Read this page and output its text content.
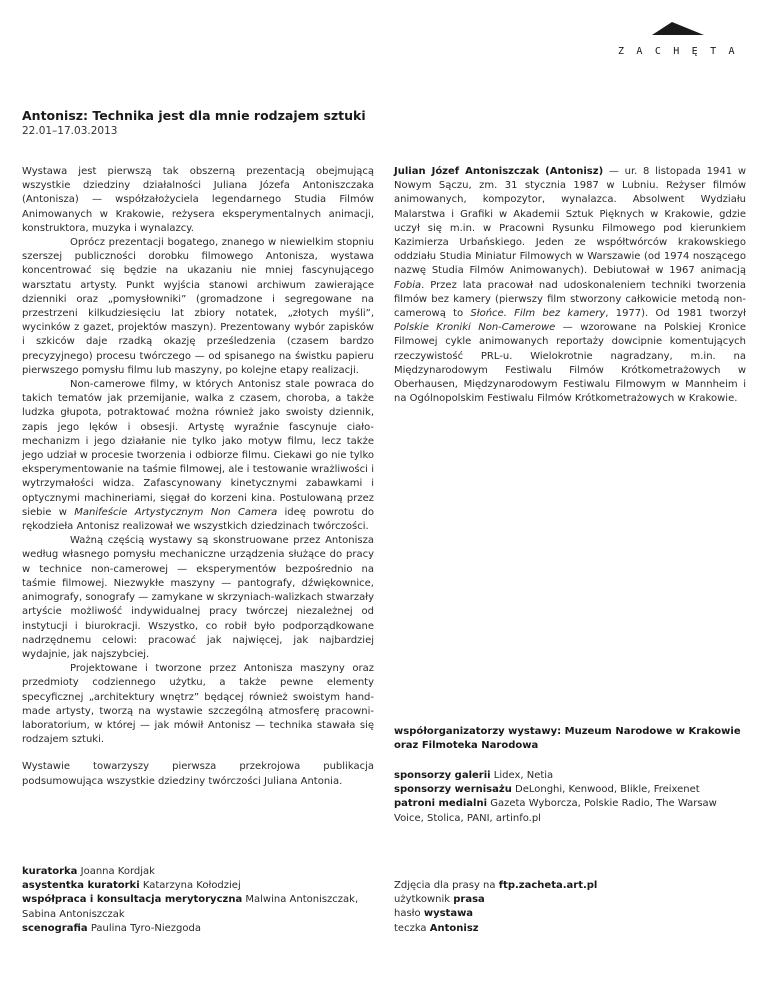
ZACHĘTA
Antonisz: Technika jest dla mnie rodzajem sztuki
22.01–17.03.2013

Wystawa jest pierwszą tak obszerną prezentacją obejmującą wszystkie dziedziny działalności Juliana Józefa Antoniszczaka (Antonisza) — współzałożyciela legendarnego Studia Filmów Animowanych w Krakowie, reżysera eksperymentalnych animacji, konstruktora, muzyka i wynalazcy.

Oprócz prezentacji bogatego, znanego w niewielkim stopniu szerszej publiczności dorobku filmowego Antonisza, wystawa koncentrować się będzie na ukazaniu nie mniej fascynującego warsztatu artysty. Punkt wyjścia stanowi archiwum zawierające dzienniki oraz „pomysłowniki” (gromadzone i segregowane na przestrzeni kilkudziesięciu lat zbiory notatek, „złotych myśli”, wycinków z gazet, projektów maszyn). Prezentowany wybór zapisków i szkiców daje rzadką okazję prześledzenia (czasem bardzo precyzyjnego) procesu twórczego — od spisanego na świstku papieru pierwszego pomysłu filmu lub maszyny, po kolejne etapy realizacji.

Non-camerowe filmy, w których Antonisz stale powraca do takich tematów jak przemijanie, walka z czasem, choroba, a także ludzka głupota, potraktować można również jako swoisty dziennik, zapis jego lęków i obsesji. Artystę wyraźnie fascynuje ciało-mechanizm i jego działanie nie tylko jako motyw filmu, lecz także jego udział w procesie tworzenia i odbiorze filmu. Ciekawi go nie tylko eksperymentowanie na taśmie filmowej, ale i testowanie wrażliwości i wytrzymałości widza. Zafascynowany kinetycznymi zabawkami i optycznymi machineriami, sięgał do korzeni kina. Postulowaną przez siebie w Manifeście Artystycznym Non Camera ideę powrotu do rękodzieła Antonisz realizował we wszystkich dziedzinach twórczości.

Ważną częścią wystawy są skonstruowane przez Antonisza według własnego pomysłu mechaniczne urządzenia służące do pracy w technice non-camerowej — eksperymentów bezpośrednio na taśmie filmowej. Niezwykłe maszyny — pantografy, dźwiękownice, animografy, sonografy — zamykane w skrzyniach-walizkach stwarzały artyście możliwość indywidualnej pracy twórczej niezależnej od instytucji i biurokracji. Wszystko, co robił było podporządkowane nadrzędnemu celowi: pracować jak najwięcej, jak najbardziej wydajnie, jak najszybciej.

Projektowane i tworzone przez Antonisza maszyny oraz przedmioty codziennego użytku, a także pewne elementy specyficznej „architektury wnętrz” będącej również swoistym hand-made artysty, tworzą na wystawie szczególną atmosferę pracowni-laboratorium, w której — jak mówił Antonisz — technika stawała się rodzajem sztuki.

Wystawie towarzyszy pierwsza przekrojowa publikacja podsumowująca wszystkie dziedziny twórczości Juliana Antonia.

kuratorka Joanna Kordjak
asystentka kuratorki Katarzyna Kołodziej
współpraca i konsultacja merytoryczna Malwina Antoniszczak, Sabina Antoniszczak
scenografia Paulina Tyro-Niezgoda

Julian Józef Antoniszczak (Antonisz) — ur. 8 listopada 1941 w Nowym Sączu, zm. 31 stycznia 1987 w Lubniu. Reżyser filmów animowanych, kompozytor, wynalazca. Absolwent Wydziału Malarstwa i Grafiki w Akademii Sztuk Pięknych w Krakowie, gdzie uczył się m.in. w Pracowni Rysunku Filmowego pod kierunkiem Kazimierza Urbańskiego. Jeden ze współtwórców krakowskiego oddziału Studia Miniatur Filmowych w Warszawie (od 1974 noszącego nazwę Studia Filmów Animowanych). Debiutował w 1967 animacją Fobia. Przez lata pracował nad udoskonaleniem techniki tworzenia filmów bez kamery (pierwszy film stworzony całkowicie metodą non-camerową to Słońce. Film bez kamery, 1977). Od 1981 tworzył Polskie Kroniki Non-Camerowe — wzorowane na Polskiej Kronice Filmowej cykle animowanych reportaży dowcipnie komentujących rzeczywistość PRL-u. Wielokrotnie nagradzany, m.in. na Międzynarodowym Festiwalu Filmów Krótkometrażowych w Oberhausen, Międzynarodowym Festiwalu Filmowym w Mannheim i na Ogólnopolskim Festiwalu Filmów Krótkometrażowych w Krakowie.

współorganizatorzy wystawy: Muzeum Narodowe w Krakowie oraz Filmoteka Narodowa
sponsorzy galerii Lidex, Netia
sponsorzy wernisażu DeLonghi, Kenwood, Blikle, Freixenet
patroni medialni Gazeta Wyborcza, Polskie Radio, The Warsaw Voice, Stolica, PANI, artinfo.pl
Zdjęcia dla prasy na ftp.zacheta.art.pl
użytkownik prasa
hasło wystawa
teczka Antonisz
